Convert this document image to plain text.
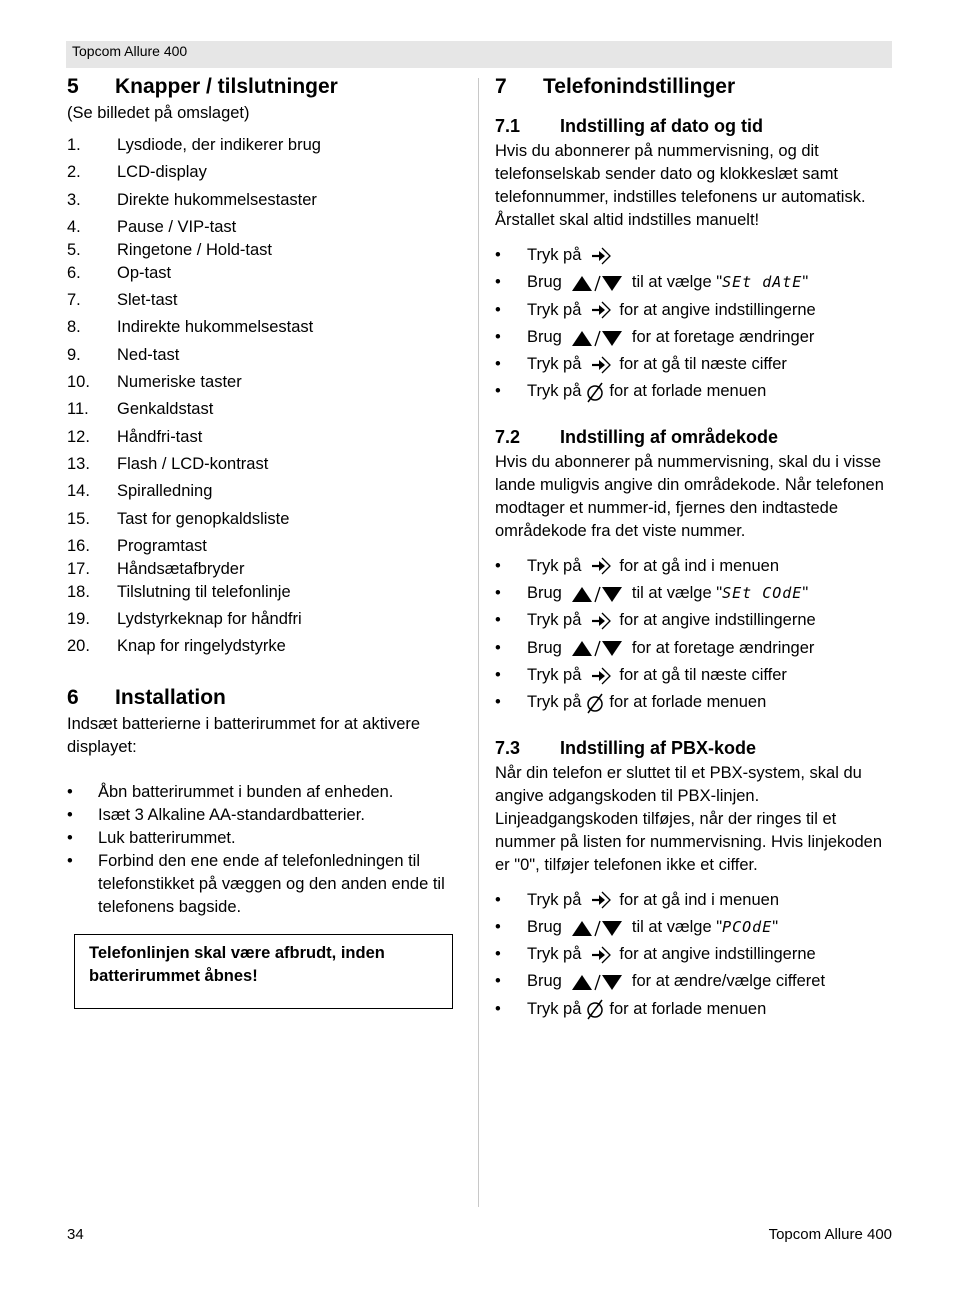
Topcom Allure 400
5 Knapper / tilslutninger

(Se billedet på omslaget)

1. Lysdiode, der indikerer brug
2. LCD-display
3. Direkte hukommelsestaster
4. Pause / VIP-tast
5. Ringetone / Hold-tast
6. Op-tast
7. Slet-tast
8. Indirekte hukommelsestast
9. Ned-tast
10. Numeriske taster
11. Genkaldstast
12. Håndfri-tast
13. Flash / LCD-kontrast
14. Spiralledning
15. Tast for genopkaldsliste
16. Programtast
17. Håndsætafbryder
18. Tilslutning til telefonlinje
19. Lydstyrkeknap for håndfri
20. Knap for ringelydstyrke
6 Installation

Indsæt batterierne i batterirummet for at aktivere displayet:

• Åbn batterirummet i bunden af enheden.
• Isæt 3 Alkaline AA-standardbatterier.
• Luk batterirummet.
• Forbind den ene ende af telefonledningen til telefonstikket på væggen og den anden ende til telefonens bagside.
Telefonlinjen skal være afbrudt, inden batterirummet åbnes!
7 Telefonindstillinger
7.1 Indstilling af dato og tid

Hvis du abonnerer på nummervisning, og dit telefonselskab sender dato og klokkeslæt samt telefonnummer, indstilles telefonens ur automatisk. Årstallet skal altid indstilles manuelt!

• Tryk på
• Brug	til at vælge "SEt dAtE"
• Tryk på for at angive indstillingerne
• Brug	for at foretage ændringer
• Tryk på for at gå til næste ciffer
• Tryk på for at forlade menuen
7.2 Indstilling af områdekode

Hvis du abonnerer på nummervisning, skal du i visse lande muligvis angive din områdekode. Når telefonen modtager et nummer-id, fjernes den indtastede områdekode fra det viste nummer.

• Tryk på for at gå ind i menuen
• Brug	til at vælge "SEt COdE"
• Tryk på for at angive indstillingerne
• Brug	for at foretage ændringer
• Tryk på for at gå til næste ciffer
• Tryk på for at forlade menuen
7.3 Indstilling af PBX-kode

Når din telefon er sluttet til et PBX-system, skal du angive adgangskoden til PBX-linjen. Linjeadgangskoden tilføjes, når der ringes til et nummer på listen for nummervisning. Hvis linjekoden er "0", tilføjer telefonen ikke et ciffer.

• Tryk på for at gå ind i menuen
• Brug	til at vælge "PCOdE"
• Tryk på for at angive indstillingerne
• Brug	for at ændre/vælge cifferet
• Tryk på for at forlade menuen
34	Topcom Allure 400
